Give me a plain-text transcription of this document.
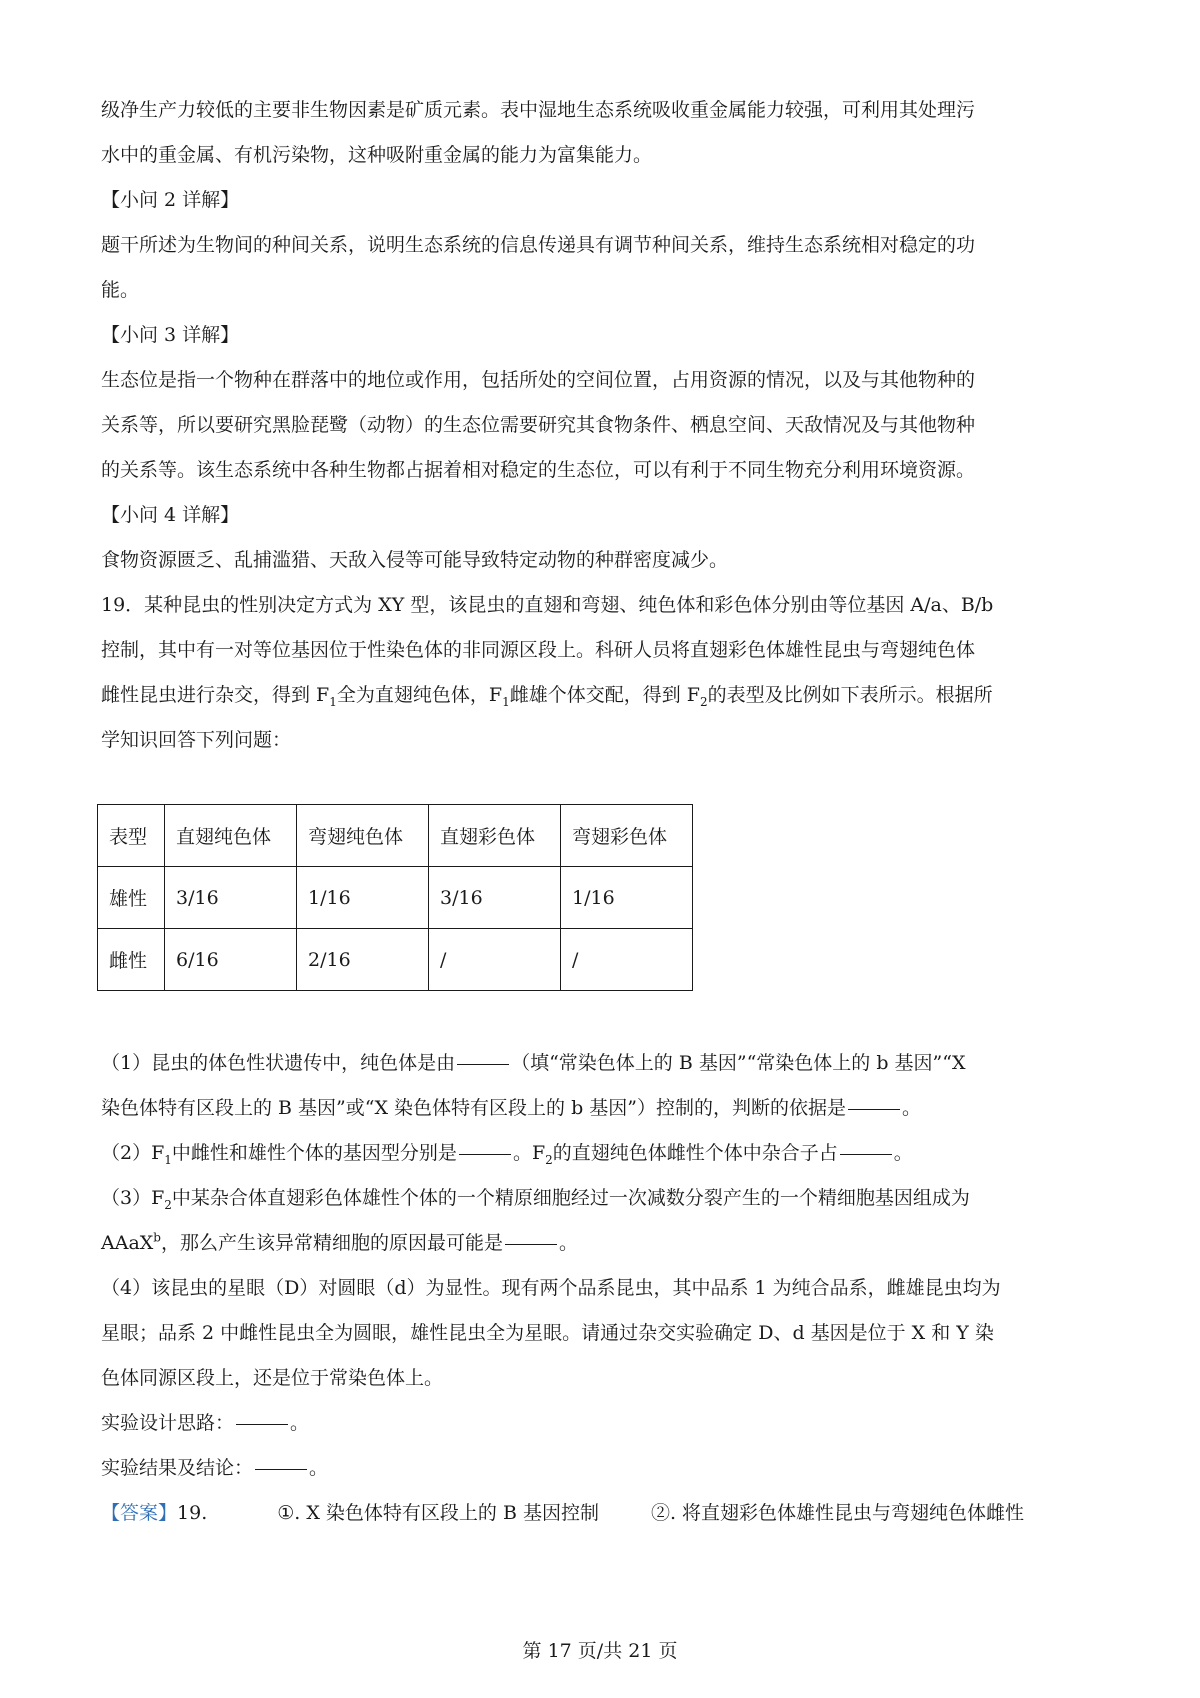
级净生产力较低的主要非生物因素是矿质元素。表中湿地生态系统吸收重金属能力较强，可利用其处理污
水中的重金属、有机污染物，这种吸附重金属的能力为富集能力。
【小问 2 详解】
题干所述为生物间的种间关系，说明生态系统的信息传递具有调节种间关系，维持生态系统相对稳定的功
能。
【小问 3 详解】
生态位是指一个物种在群落中的地位或作用，包括所处的空间位置，占用资源的情况，以及与其他物种的
关系等，所以要研究黑脸琵鹭（动物）的生态位需要研究其食物条件、栖息空间、天敌情况及与其他物种
的关系等。该生态系统中各种生物都占据着相对稳定的生态位，可以有利于不同生物充分利用环境资源。
【小问 4 详解】
食物资源匮乏、乱捕滥猎、天敌入侵等可能导致特定动物的种群密度减少。
19．某种昆虫的性别决定方式为 XY 型，该昆虫的直翅和弯翅、纯色体和彩色体分别由等位基因 A/a、B/b
控制，其中有一对等位基因位于性染色体的非同源区段上。科研人员将直翅彩色体雄性昆虫与弯翅纯色体
雌性昆虫进行杂交，得到 $F_1$全为直翅纯色体，$F_1$雌雄个体交配，得到 $F_2$的表型及比例如下表所示。根据所
学知识回答下列问题：
表型	直翅纯色体	弯翅纯色体	直翅彩色体	弯翅彩色体
雄性	3/16	1/16	3/16	1/16
雌性	6/16	2/16	/	/
（1）昆虫的体色性状遗传中，纯色体是由	（填“常染色体上的 B 基因”“常染色体上的 b 基因”“X
染色体特有区段上的 B 基因”或“X 染色体特有区段上的 b 基因”）控制的，判断的依据是	。
$(2)F_1$中雌性和雄性个体的基因型分别是	。$F_2$的直翅纯色体雌性个体中杂合子占	。
$(3)F_2$中某杂合体直翅彩色体雄性个体的一个精原细胞经过一次减数分裂产生的一个精细胞基因组成为
AAaX$^b$，那么产生该异常精细胞的原因最可能是	。
（4）该昆虫的星眼（D）对圆眼（d）为显性。现有两个品系昆虫，其中品系 1 为纯合品系，雌雄昆虫均为
星眼；品系 2 中雌性昆虫全为圆眼，雄性昆虫全为星眼。请通过杂交实验确定 D、d 基因是位于 X 和 Y 染
色体同源区段上，还是位于常染色体上。
实验设计思路：	。
实验结果及结论：	。
【答案】19.	①. X 染色体特有区段上的 B 基因控制	②. 将直翅彩色体雄性昆虫与弯翅纯色体雌性
第 17 页/共 21 页
